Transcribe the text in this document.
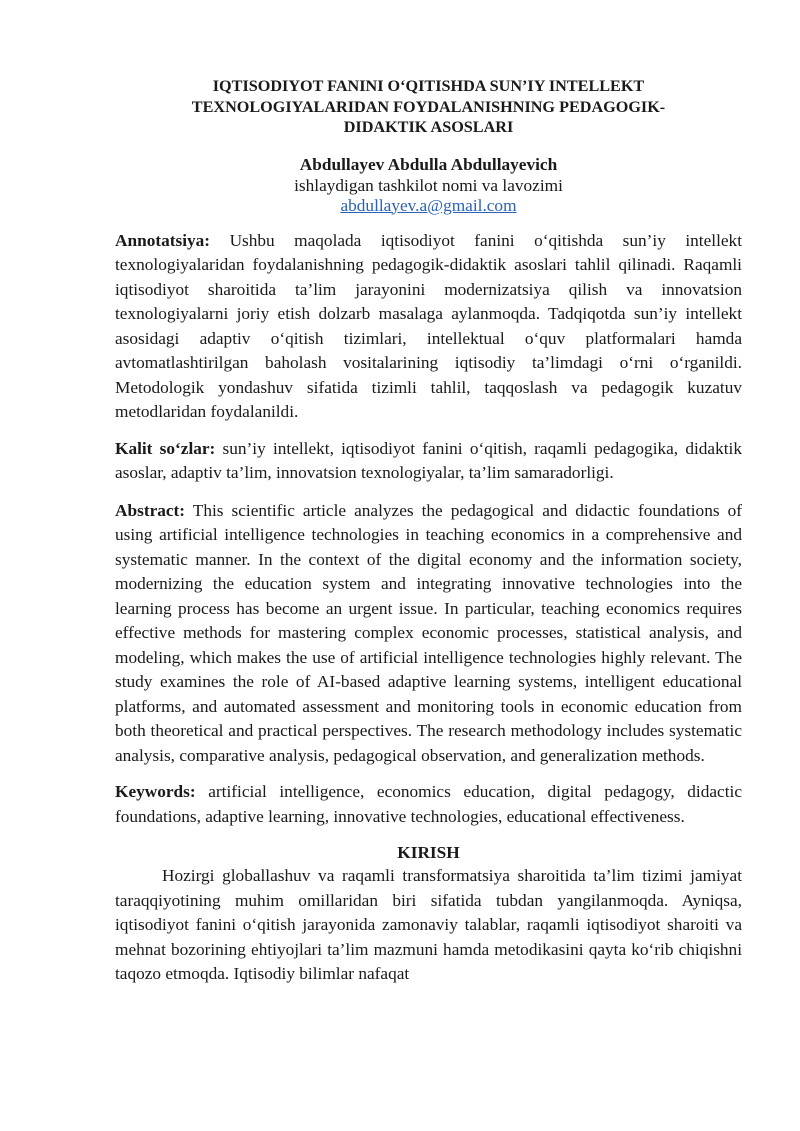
IQTISODIYOT FANINI O‘QITISHDA SUN’IY INTELLEKT
TEXNOLOGIYALARIDAN FOYDALANISHNING PEDAGOGIK-
DIDAKTIK ASOSLARI
Abdullayev Abdulla Abdullayevich
ishlaydigan tashkilot nomi va lavozimi
abdullayev.a@gmail.com

Annotatsiya: Ushbu maqolada iqtisodiyot fanini o‘qitishda sun’iy intellekt texnologiyalaridan foydalanishning pedagogik-didaktik asoslari tahlil qilinadi. Raqamli iqtisodiyot sharoitida ta’lim jarayonini modernizatsiya qilish va innovatsion texnologiyalarni joriy etish dolzarb masalaga aylanmoqda. Tadqiqotda sun’iy intellekt asosidagi adaptiv o‘qitish tizimlari, intellektual o‘quv platformalari hamda avtomatlashtirilgan baholash vositalarining iqtisodiy ta’limdagi o‘rni o‘rganildi. Metodologik yondashuv sifatida tizimli tahlil, taqqoslash va pedagogik kuzatuv metodlaridan foydalanildi.

Kalit so‘zlar: sun’iy intellekt, iqtisodiyot fanini o‘qitish, raqamli pedagogika, didaktik asoslar, adaptiv ta’lim, innovatsion texnologiyalar, ta’lim samaradorligi.

Abstract: This scientific article analyzes the pedagogical and didactic foundations of using artificial intelligence technologies in teaching economics in a comprehensive and systematic manner. In the context of the digital economy and the information society, modernizing the education system and integrating innovative technologies into the learning process has become an urgent issue. In particular, teaching economics requires effective methods for mastering complex economic processes, statistical analysis, and modeling, which makes the use of artificial intelligence technologies highly relevant. The study examines the role of AI-based adaptive learning systems, intelligent educational platforms, and automated assessment and monitoring tools in economic education from both theoretical and practical perspectives. The research methodology includes systematic analysis, comparative analysis, pedagogical observation, and generalization methods.

Keywords: artificial intelligence, economics education, digital pedagogy, didactic foundations, adaptive learning, innovative technologies, educational effectiveness.

KIRISH

Hozirgi globallashuv va raqamli transformatsiya sharoitida ta’lim tizimi jamiyat taraqqiyotining muhim omillaridan biri sifatida tubdan yangilanmoqda. Ayniqsa, iqtisodiyot fanini o‘qitish jarayonida zamonaviy talablar, raqamli iqtisodiyot sharoiti va mehnat bozorining ehtiyojlari ta’lim mazmuni hamda metodikasini qayta ko‘rib chiqishni taqozo etmoqda. Iqtisodiy bilimlar nafaqat
